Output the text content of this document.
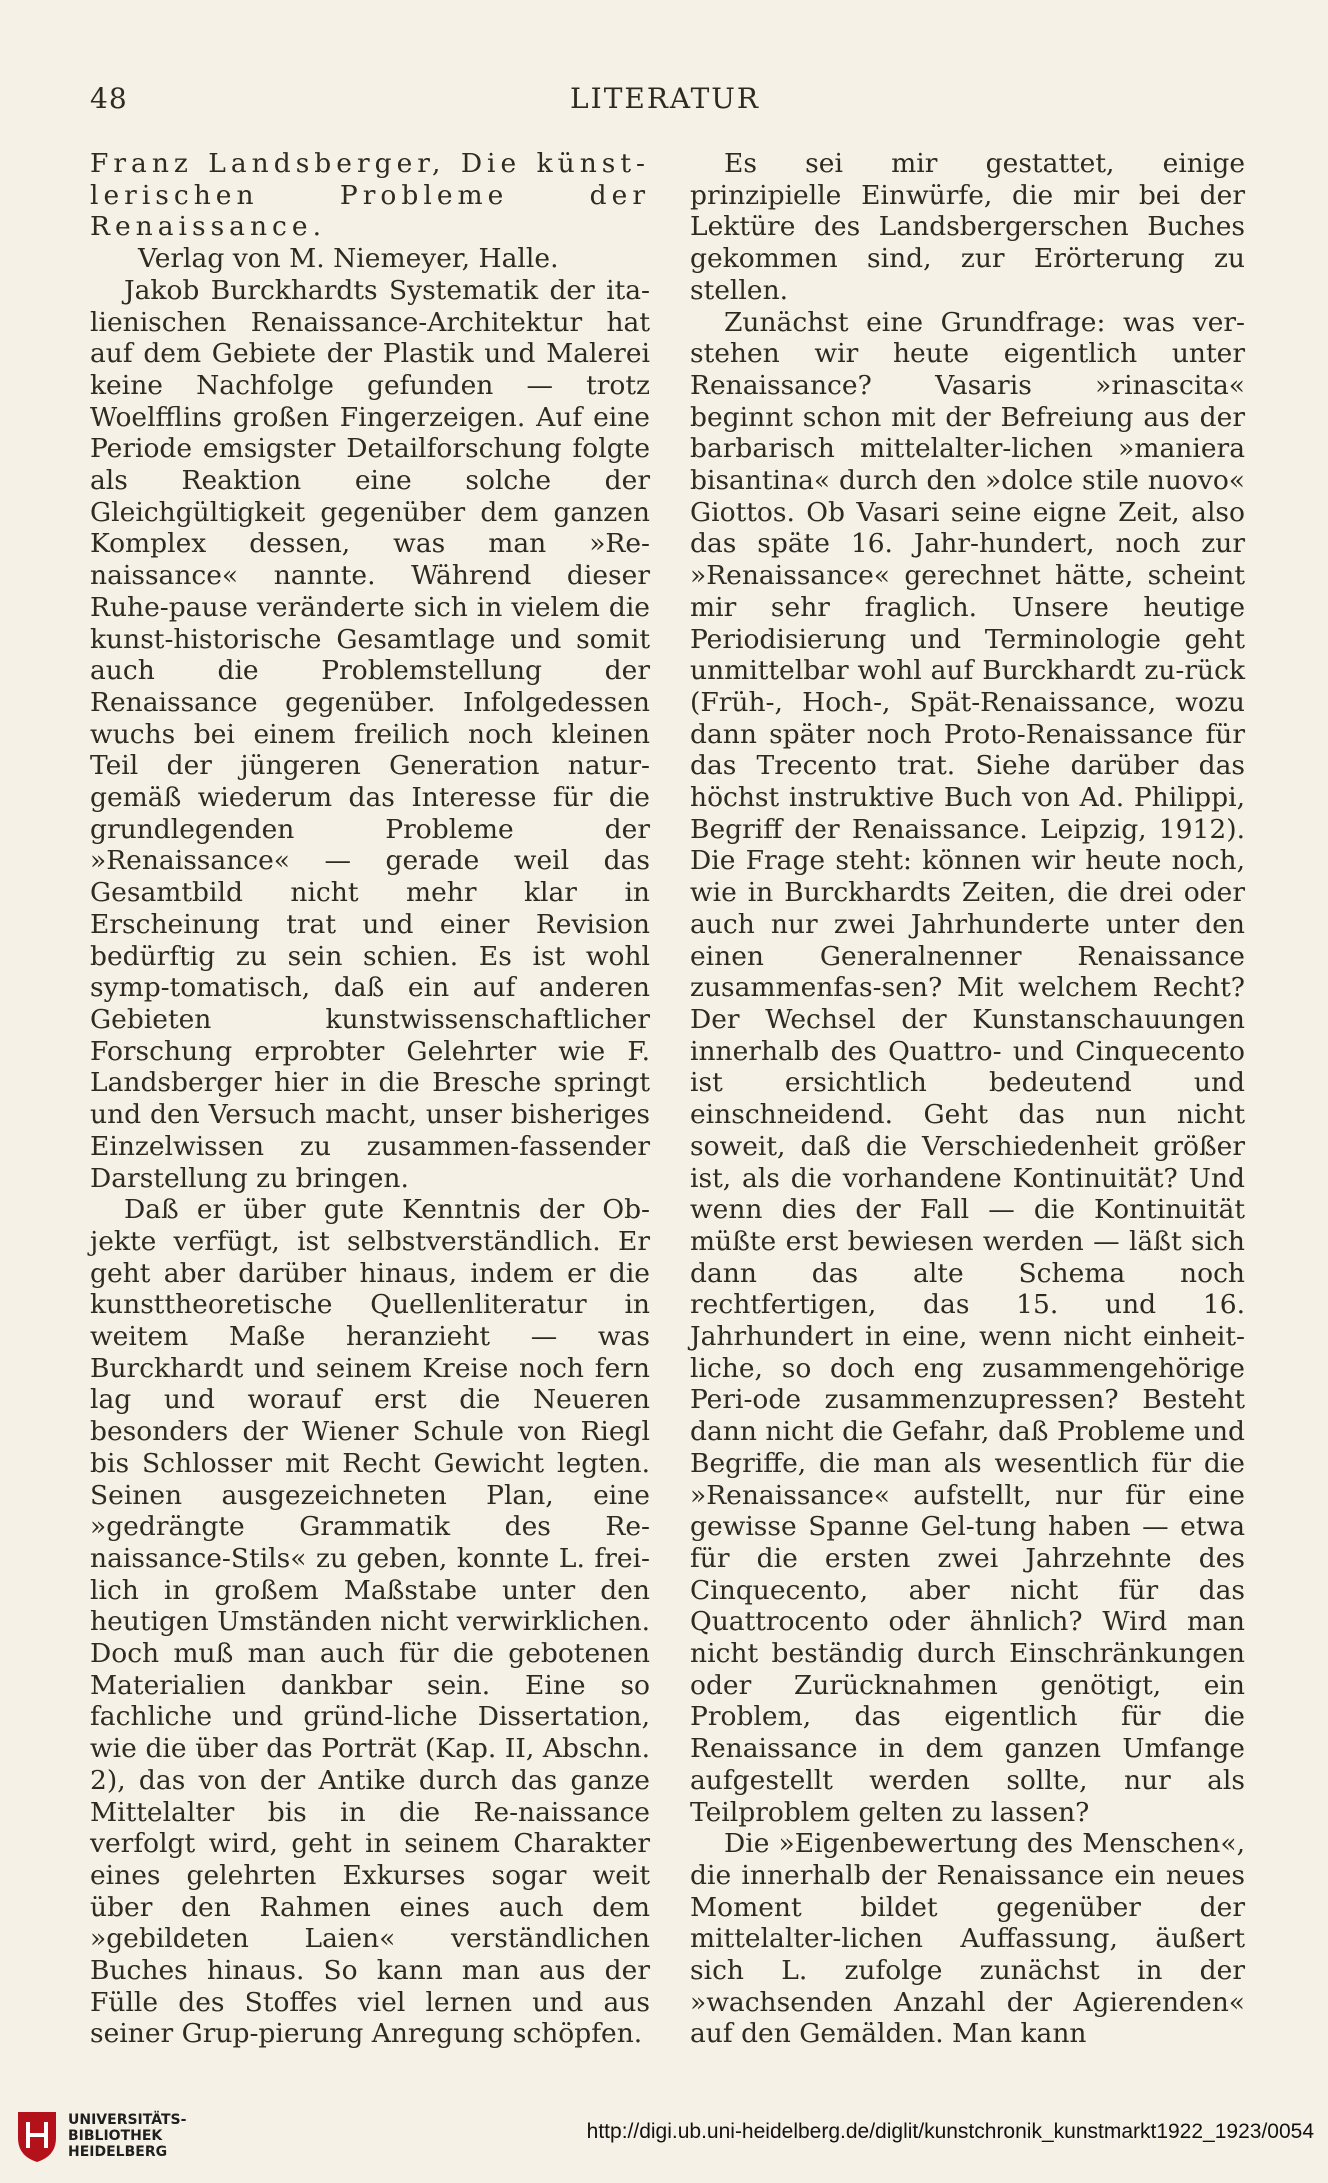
48	LITERATUR

Franz Landsberger, Die künst-lerischen Probleme der Renaissance.

Verlag von M. Niemeyer, Halle.

Jakob Burckhardts Systematik der ita-lienischen Renaissance-Architektur hat auf dem Gebiete der Plastik und Malerei keine Nachfolge gefunden — trotz Woelfflins großen Fingerzeigen. Auf eine Periode emsigster Detailforschung folgte als Reaktion eine solche der Gleichgültigkeit gegenüber dem ganzen Komplex dessen, was man »Re-naissance« nannte. Während dieser Ruhe-pause veränderte sich in vielem die kunst-historische Gesamtlage und somit auch die Problemstellung der Renaissance gegenüber. Infolgedessen wuchs bei einem freilich noch kleinen Teil der jüngeren Generation natur-gemäß wiederum das Interesse für die grundlegenden Probleme der »Renaissance« — gerade weil das Gesamtbild nicht mehr klar in Erscheinung trat und einer Revision bedürftig zu sein schien. Es ist wohl symp-tomatisch, daß ein auf anderen Gebieten kunstwissenschaftlicher Forschung erprobter Gelehrter wie F. Landsberger hier in die Bresche springt und den Versuch macht, unser bisheriges Einzelwissen zu zusammen-fassender Darstellung zu bringen.

Daß er über gute Kenntnis der Ob-jekte verfügt, ist selbstverständlich. Er geht aber darüber hinaus, indem er die kunsttheoretische Quellenliteratur in weitem Maße heranzieht — was Burckhardt und seinem Kreise noch fern lag und worauf erst die Neueren besonders der Wiener Schule von Riegl bis Schlosser mit Recht Gewicht legten. Seinen ausgezeichneten Plan, eine »gedrängte Grammatik des Re-naissance-Stils« zu geben, konnte L. frei-lich in großem Maßstabe unter den heutigen Umständen nicht verwirklichen. Doch muß man auch für die gebotenen Materialien dankbar sein. Eine so fachliche und gründ-liche Dissertation, wie die über das Porträt (Kap. II, Abschn. 2), das von der Antike durch das ganze Mittelalter bis in die Re-naissance verfolgt wird, geht in seinem Charakter eines gelehrten Exkurses sogar weit über den Rahmen eines auch dem »gebildeten Laien« verständlichen Buches hinaus. So kann man aus der Fülle des Stoffes viel lernen und aus seiner Grup-pierung Anregung schöpfen.

Es sei mir gestattet, einige prinzipielle Einwürfe, die mir bei der Lektüre des Landsbergerschen Buches gekommen sind, zur Erörterung zu stellen.

Zunächst eine Grundfrage: was ver-stehen wir heute eigentlich unter Renaissance? Vasaris »rinascita« beginnt schon mit der Befreiung aus der barbarisch mittelalter-lichen »maniera bisantina« durch den »dolce stile nuovo« Giottos. Ob Vasari seine eigne Zeit, also das späte 16. Jahr-hundert, noch zur »Renaissance« gerechnet hätte, scheint mir sehr fraglich. Unsere heutige Periodisierung und Terminologie geht unmittelbar wohl auf Burckhardt zu-rück (Früh-, Hoch-, Spät-Renaissance, wozu dann später noch Proto-Renaissance für das Trecento trat. Siehe darüber das höchst instruktive Buch von Ad. Philippi, Begriff der Renaissance. Leipzig, 1912). Die Frage steht: können wir heute noch, wie in Burckhardts Zeiten, die drei oder auch nur zwei Jahrhunderte unter den einen Generalnenner Renaissance zusammenfas-sen? Mit welchem Recht? Der Wechsel der Kunstanschauungen innerhalb des Quattro- und Cinquecento ist ersichtlich bedeutend und einschneidend. Geht das nun nicht soweit, daß die Verschiedenheit größer ist, als die vorhandene Kontinuität? Und wenn dies der Fall — die Kontinuität müßte erst bewiesen werden — läßt sich dann das alte Schema noch rechtfertigen, das 15. und 16. Jahrhundert in eine, wenn nicht einheit-liche, so doch eng zusammengehörige Peri-ode zusammenzupressen? Besteht dann nicht die Gefahr, daß Probleme und Begriffe, die man als wesentlich für die »Renaissance« aufstellt, nur für eine gewisse Spanne Gel-tung haben — etwa für die ersten zwei Jahrzehnte des Cinquecento, aber nicht für das Quattrocento oder ähnlich? Wird man nicht beständig durch Einschränkungen oder Zurücknahmen genötigt, ein Problem, das eigentlich für die Renaissance in dem ganzen Umfange aufgestellt werden sollte, nur als Teilproblem gelten zu lassen?

Die »Eigenbewertung des Menschen«, die innerhalb der Renaissance ein neues Moment bildet gegenüber der mittelalter-lichen Auffassung, äußert sich L. zufolge zunächst in der »wachsenden Anzahl der Agierenden« auf den Gemälden. Man kann

UNIVERSITÄTS-
BIBLIOTHEK
HEIDELBERG
http://digi.ub.uni-heidelberg.de/diglit/kunstchronik_kunstmarkt1922_1923/0054
